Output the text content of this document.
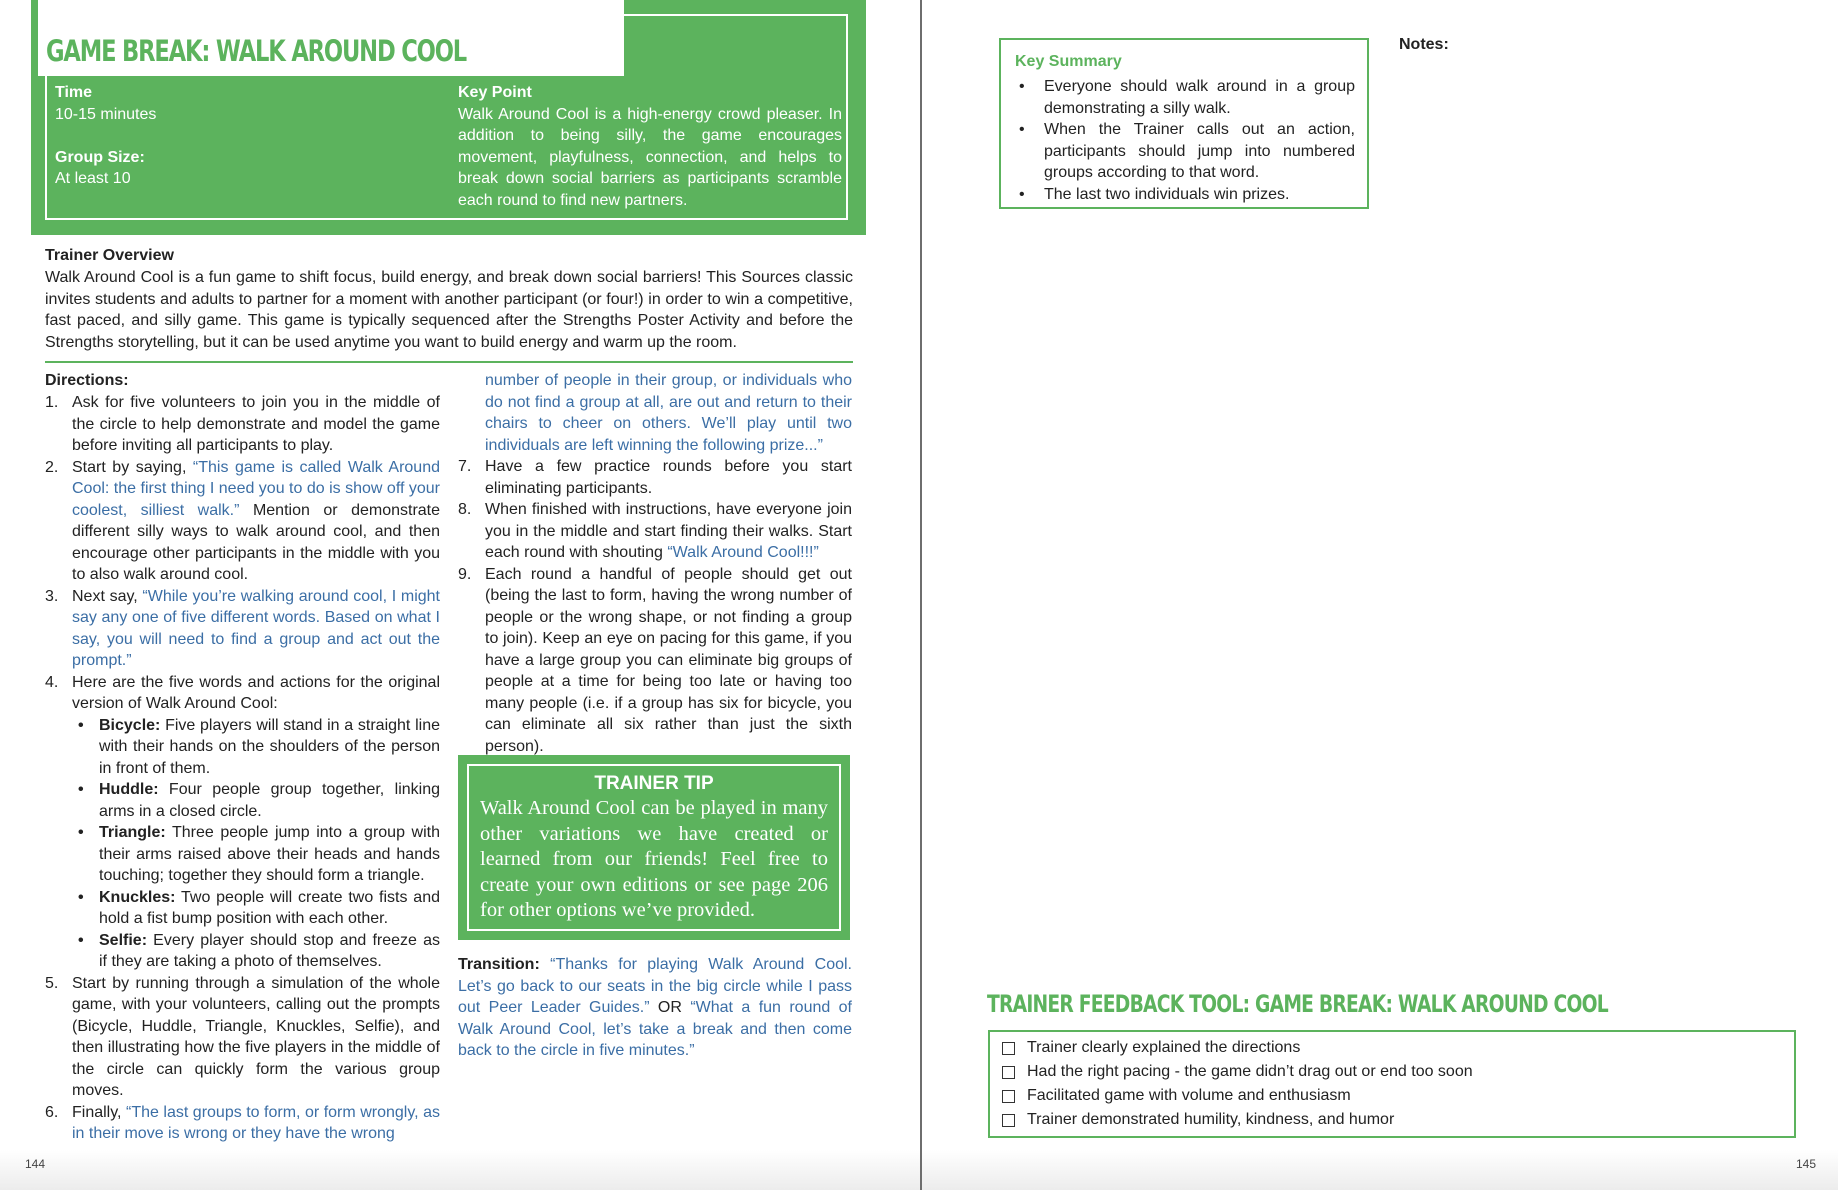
GAME BREAK: WALK AROUND COOL
Time
10-15 minutes
Group Size:
At least 10
Key Point
Walk Around Cool is a high-energy crowd pleaser. In addition to being silly, the game encourages movement, playfulness, connection, and helps to break down social barriers as participants scramble each round to find new partners.
Trainer Overview
Walk Around Cool is a fun game to shift focus, build energy, and break down social barriers! This Sources classic invites students and adults to partner for a moment with another participant (or four!) in order to win a competitive, fast paced, and silly game. This game is typically sequenced after the Strengths Poster Activity and before the Strengths storytelling, but it can be used anytime you want to build energy and warm up the room.
Directions:
1. Ask for five volunteers to join you in the middle of the circle to help demonstrate and model the game before inviting all participants to play.
2. Start by saying, “This game is called Walk Around Cool: the first thing I need you to do is show off your coolest, silliest walk.” Mention or demonstrate different silly ways to walk around cool, and then encourage other participants in the middle with you to also walk around cool.
3. Next say, “While you’re walking around cool, I might say any one of five different words. Based on what I say, you will need to find a group and act out the prompt.”
4. Here are the five words and actions for the original version of Walk Around Cool:
• Bicycle: Five players will stand in a straight line with their hands on the shoulders of the person in front of them.
• Huddle: Four people group together, linking arms in a closed circle.
• Triangle: Three people jump into a group with their arms raised above their heads and hands touching; together they should form a triangle.
• Knuckles: Two people will create two fists and hold a fist bump position with each other.
• Selfie: Every player should stop and freeze as if they are taking a photo of themselves.
5. Start by running through a simulation of the whole game, with your volunteers, calling out the prompts (Bicycle, Huddle, Triangle, Knuckles, Selfie), and then illustrating how the five players in the middle of the circle can quickly form the various group moves.
6. Finally, “The last groups to form, or form wrongly, as in their move is wrong or they have the wrong
number of people in their group, or individuals who do not find a group at all, are out and return to their chairs to cheer on others. We’ll play until two individuals are left winning the following prize...”
7. Have a few practice rounds before you start eliminating participants.
8. When finished with instructions, have everyone join you in the middle and start finding their walks. Start each round with shouting “Walk Around Cool!!!”
9. Each round a handful of people should get out (being the last to form, having the wrong number of people or the wrong shape, or not finding a group to join). Keep an eye on pacing for this game, if you have a large group you can eliminate big groups of people at a time for being too late or having too many people (i.e. if a group has six for bicycle, you can eliminate all six rather than just the sixth person).
TRAINER TIP
Walk Around Cool can be played in many other variations we have created or learned from our friends! Feel free to create your own editions or see page 206 for other options we’ve provided.
Transition: “Thanks for playing Walk Around Cool. Let’s go back to our seats in the big circle while I pass out Peer Leader Guides.” OR “What a fun round of Walk Around Cool, let’s take a break and then come back to the circle in five minutes.”
144
Key Summary
• Everyone should walk around in a group demonstrating a silly walk.
• When the Trainer calls out an action, participants should jump into numbered groups according to that word.
• The last two individuals win prizes.
Notes:
TRAINER FEEDBACK TOOL: GAME BREAK: WALK AROUND COOL
Trainer clearly explained the directions
Had the right pacing - the game didn’t drag out or end too soon
Facilitated game with volume and enthusiasm
Trainer demonstrated humility, kindness, and humor
145
